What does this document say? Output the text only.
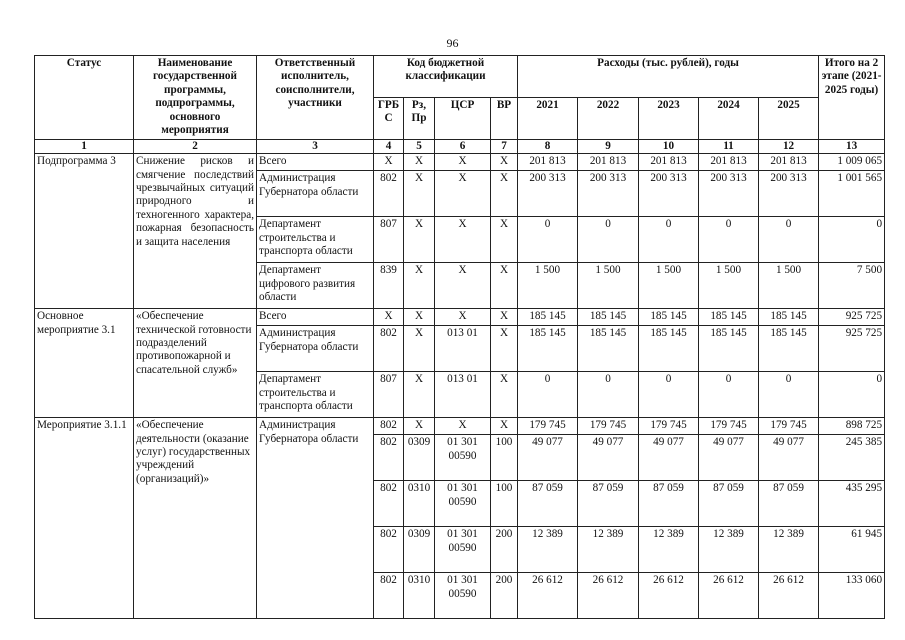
96
Статус	Наименование государственной программы, подпрограммы, основного мероприятия	Ответственный исполнитель, соисполнители, участники	Код бюджетной классификации				Расходы (тыс. рублей), годы					Итого на 2 этапе (2021-2025 годы)
			ГРБ С	Рз, Пр	ЦСР	ВР	2021	2022	2023	2024	2025	
1	2	3	4	5	6	7	8	9	10	11	12	13
Подпрограмма 3	Снижение рисков и смягчение последствий чрезвычайных ситуаций природного и техногенного характера, пожарная безопасность и защита населения	Всего	X	X	X	X	201 813	201 813	201 813	201 813	201 813	1 009 065
		Администрация Губернатора области	802	X	X	X	200 313	200 313	200 313	200 313	200 313	1 001 565
		Департамент строительства и транспорта области	807	X	X	X	0	0	0	0	0	0
		Департамент цифрового развития области	839	X	X	X	1 500	1 500	1 500	1 500	1 500	7 500
Основное мероприятие 3.1	«Обеспечение технической готовности подразделений противопожарной и спасательной служб»	Всего	X	X	X	X	185 145	185 145	185 145	185 145	185 145	925 725
		Администрация Губернатора области	802	X	013 01	X	185 145	185 145	185 145	185 145	185 145	925 725
		Департамент строительства и транспорта области	807	X	013 01	X	0	0	0	0	0	0
Мероприятие 3.1.1	«Обеспечение деятельности (оказание услуг) государственных учреждений (организаций)»	Администрация Губернатора области	802	X	X	X	179 745	179 745	179 745	179 745	179 745	898 725
			802	0309	01 301 00590	100	49 077	49 077	49 077	49 077	49 077	245 385
			802	0310	01 301 00590	100	87 059	87 059	87 059	87 059	87 059	435 295
			802	0309	01 301 00590	200	12 389	12 389	12 389	12 389	12 389	61 945
			802	0310	01 301 00590	200	26 612	26 612	26 612	26 612	26 612	133 060
